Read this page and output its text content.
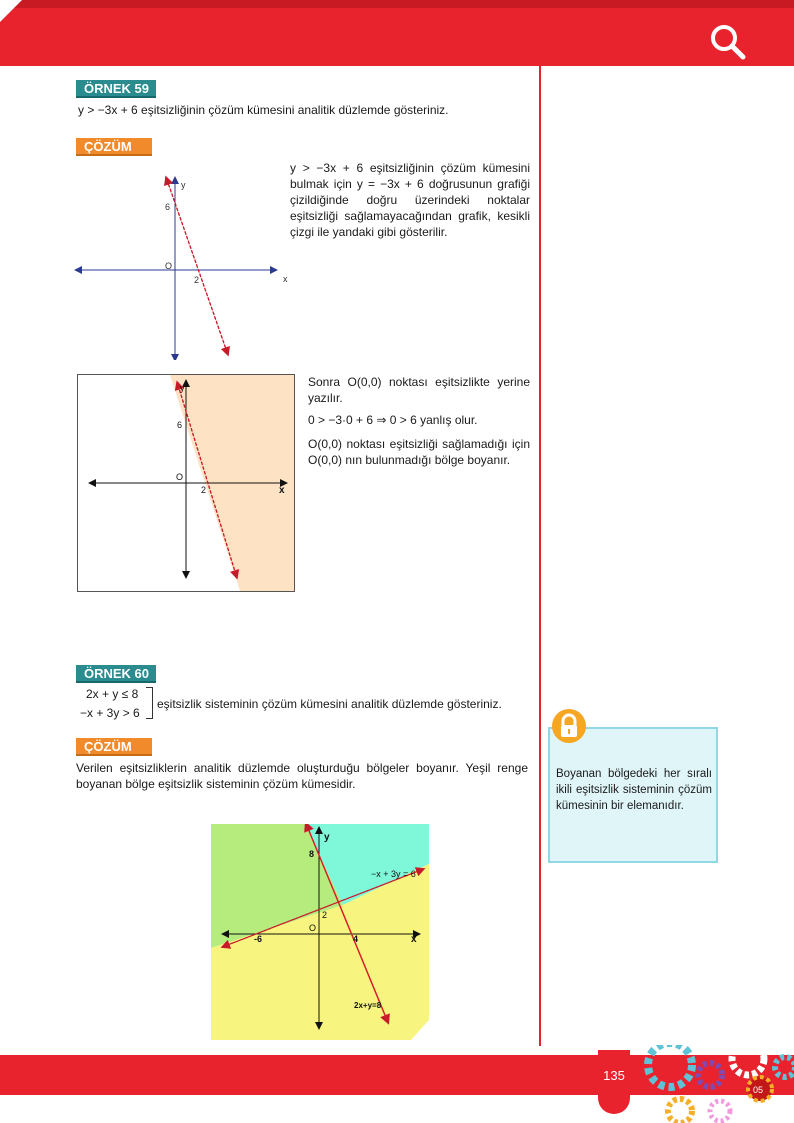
ÖRNEK 59
y > −3x + 6 eşitsizliğinin çözüm kümesini analitik düzlemde gösteriniz.
ÇÖZÜM
y
x
O
6
2
y > −3x + 6 eşitsizliğinin çözüm kümesini bulmak için y = −3x + 6 doğrusunun grafiği çizildiğinde doğru üzerindeki noktalar eşitsizliği sağlamayacağından grafik, kesikli çizgi ile yandaki gibi gösterilir.
y
x
O
6
2
Sonra O(0,0) noktası eşitsizlikte yerine yazılır.
0 > −3·0 + 6 ⇒ 0 > 6 yanlış olur.
O(0,0) noktası eşitsizliği sağlamadığı için O(0,0) nın bulunmadığı bölge boyanır.
ÖRNEK 60
2x + y ≤ 8
−x + 3y > 6
eşitsizlik sisteminin çözüm kümesini analitik düzlemde gösteriniz.
ÇÖZÜM
Verilen eşitsizliklerin analitik düzlemde oluşturduğu bölgeler boyanır. Yeşil renge boyanan bölge eşitsizlik sisteminin çözüm kümesidir.
y
x
O
8
2
-6	4
−x + 3y = 6
2x+y=8
Boyanan bölgedeki her sıralı ikili eşitsizlik sisteminin çözüm kümesinin bir elemanıdır.
135
05
